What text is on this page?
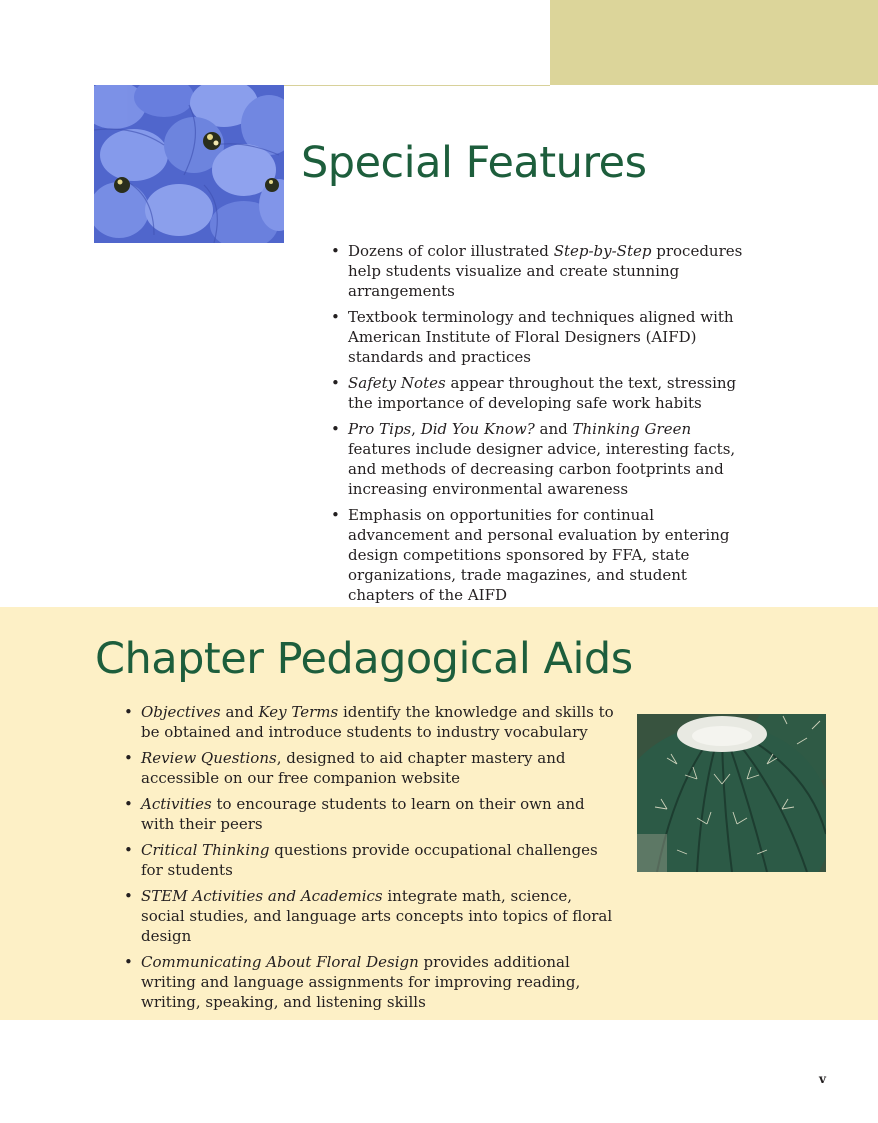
Special Features
• Dozens of color illustrated Step-by-Step procedures help students visualize and create stunning arrangements
• Textbook terminology and techniques aligned with American Institute of Floral Designers (AIFD) standards and practices
• Safety Notes appear throughout the text, stressing the importance of developing safe work habits
• Pro Tips, Did You Know? and Thinking Green features include designer advice, interesting facts, and methods of decreasing carbon footprints and increasing environmental awareness
• Emphasis on opportunities for continual advancement and personal evaluation by entering design competitions sponsored by FFA, state organizations, trade magazines, and student chapters of the AIFD
Chapter Pedagogical Aids
• Objectives and Key Terms identify the knowledge and skills to be obtained and introduce students to industry vocabulary
• Review Questions, designed to aid chapter mastery and accessible on our free companion website
• Activities to encourage students to learn on their own and with their peers
• Critical Thinking questions provide occupational challenges for students
• STEM Activities and Academics integrate math, science, social studies, and language arts concepts into topics of floral design
• Communicating About Floral Design provides additional writing and language assignments for improving reading, writing, speaking, and listening skills
v
